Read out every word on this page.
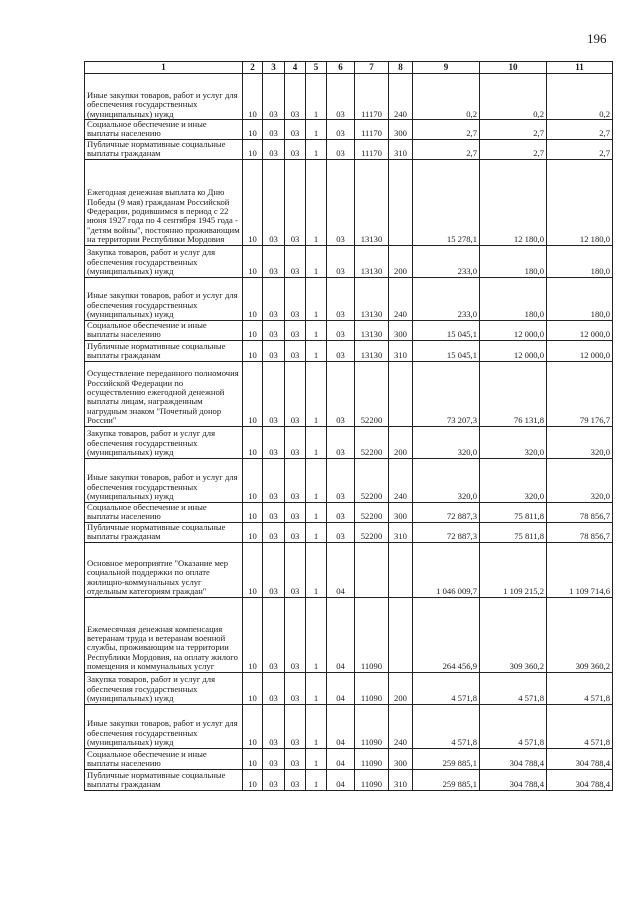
196
1	2	3	4	5	6	7	8	9	10	11
Иные закупки товаров, работ и услуг для обеспечения государственных (муниципальных) нужд	10	03	03	1	03	11170	240	0,2	0,2	0,2
Социальное обеспечение и иные выплаты населению	10	03	03	1	03	11170	300	2,7	2,7	2,7
Публичные нормативные социальные выплаты гражданам	10	03	03	1	03	11170	310	2,7	2,7	2,7
Ежегодная денежная выплата ко Дню Победы (9 мая) гражданам Российской Федерации, родившимся в период с 22 июня 1927 года по 4 сентября 1945 года - "детям войны", постоянно проживающим на территории Республики Мордовия	10	03	03	1	03	13130		15 278,1	12 180,0	12 180,0
Закупка товаров, работ и услуг для обеспечения государственных (муниципальных) нужд	10	03	03	1	03	13130	200	233,0	180,0	180,0
Иные закупки товаров, работ и услуг для обеспечения государственных (муниципальных) нужд	10	03	03	1	03	13130	240	233,0	180,0	180,0
Социальное обеспечение и иные выплаты населению	10	03	03	1	03	13130	300	15 045,1	12 000,0	12 000,0
Публичные нормативные социальные выплаты гражданам	10	03	03	1	03	13130	310	15 045,1	12 000,0	12 000,0
Осуществление переданного полномочия Российской Федерации по осуществлению ежегодной денежной выплаты лицам, награжденным нагрудным знаком "Почетный донор России"	10	03	03	1	03	52200		73 207,3	76 131,8	79 176,7
Закупка товаров, работ и услуг для обеспечения государственных (муниципальных) нужд	10	03	03	1	03	52200	200	320,0	320,0	320,0
Иные закупки товаров, работ и услуг для обеспечения государственных (муниципальных) нужд	10	03	03	1	03	52200	240	320,0	320,0	320,0
Социальное обеспечение и иные выплаты населению	10	03	03	1	03	52200	300	72 887,3	75 811,8	78 856,7
Публичные нормативные социальные выплаты гражданам	10	03	03	1	03	52200	310	72 887,3	75 811,8	78 856,7
Основное мероприятие "Оказание мер социальной поддержки по оплате жилищно-коммунальных услуг отдельным категориям граждан"	10	03	03	1	04			1 046 009,7	1 109 215,2	1 109 714,6
Ежемесячная денежная компенсация ветеранам труда и ветеранам военной службы, проживающим на территории Республики Мордовия, на оплату жилого помещения и коммунальных услуг	10	03	03	1	04	11090		264 456,9	309 360,2	309 360,2
Закупка товаров, работ и услуг для обеспечения государственных (муниципальных) нужд	10	03	03	1	04	11090	200	4 571,8	4 571,8	4 571,8
Иные закупки товаров, работ и услуг для обеспечения государственных (муниципальных) нужд	10	03	03	1	04	11090	240	4 571,8	4 571,8	4 571,8
Социальное обеспечение и иные выплаты населению	10	03	03	1	04	11090	300	259 885,1	304 788,4	304 788,4
Публичные нормативные социальные выплаты гражданам	10	03	03	1	04	11090	310	259 885,1	304 788,4	304 788,4
